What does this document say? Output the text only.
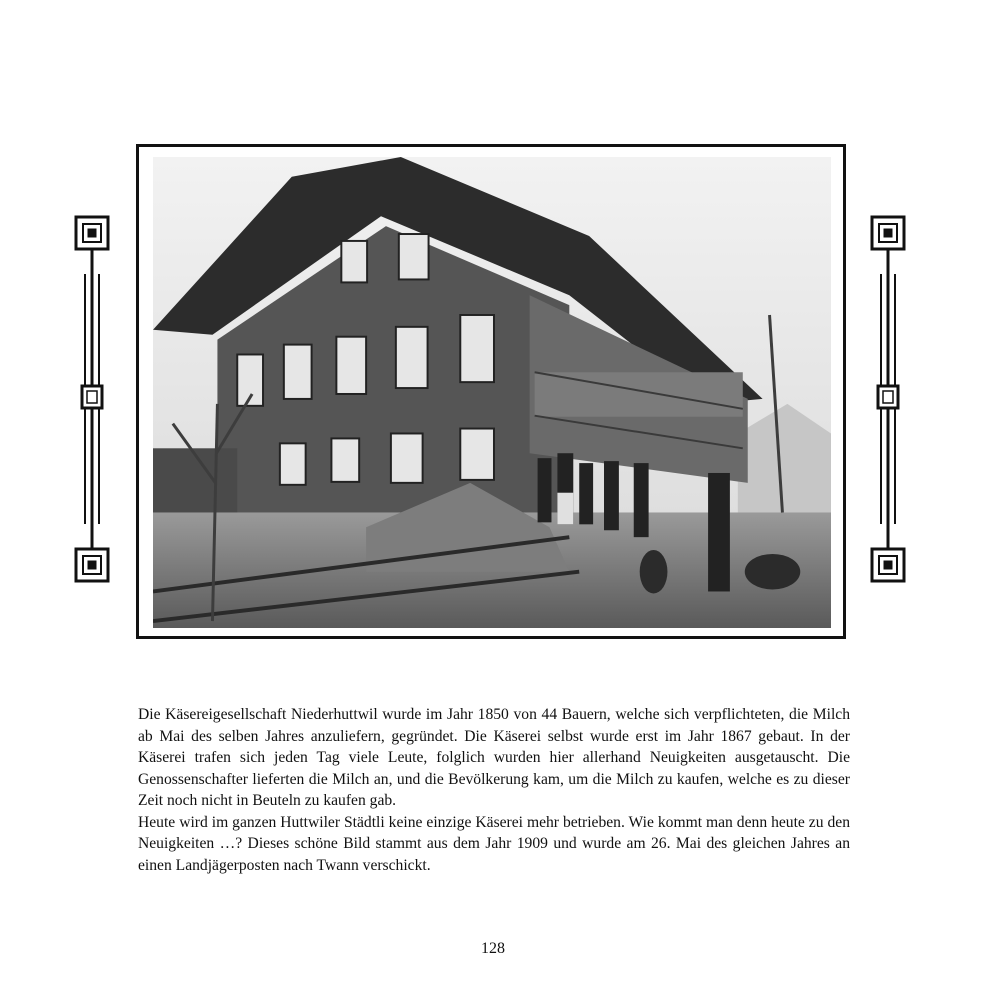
Die Käsereigesellschaft Niederhuttwil wurde im Jahr 1850 von 44 Bauern, welche sich verpflichteten, die Milch ab Mai des selben Jahres anzuliefern, gegründet. Die Käserei selbst wurde erst im Jahr 1867 gebaut. In der Käserei trafen sich jeden Tag viele Leute, folglich wurden hier allerhand Neuigkeiten ausgetauscht. Die Genossenschafter lieferten die Milch an, und die Bevölkerung kam, um die Milch zu kaufen, welche es zu dieser Zeit noch nicht in Beuteln zu kaufen gab.

Heute wird im ganzen Huttwiler Städtli keine einzige Käserei mehr betrieben. Wie kommt man denn heute zu den Neuigkeiten …? Dieses schöne Bild stammt aus dem Jahr 1909 und wurde am 26. Mai des gleichen Jahres an einen Landjägerposten nach Twann verschickt.

128
